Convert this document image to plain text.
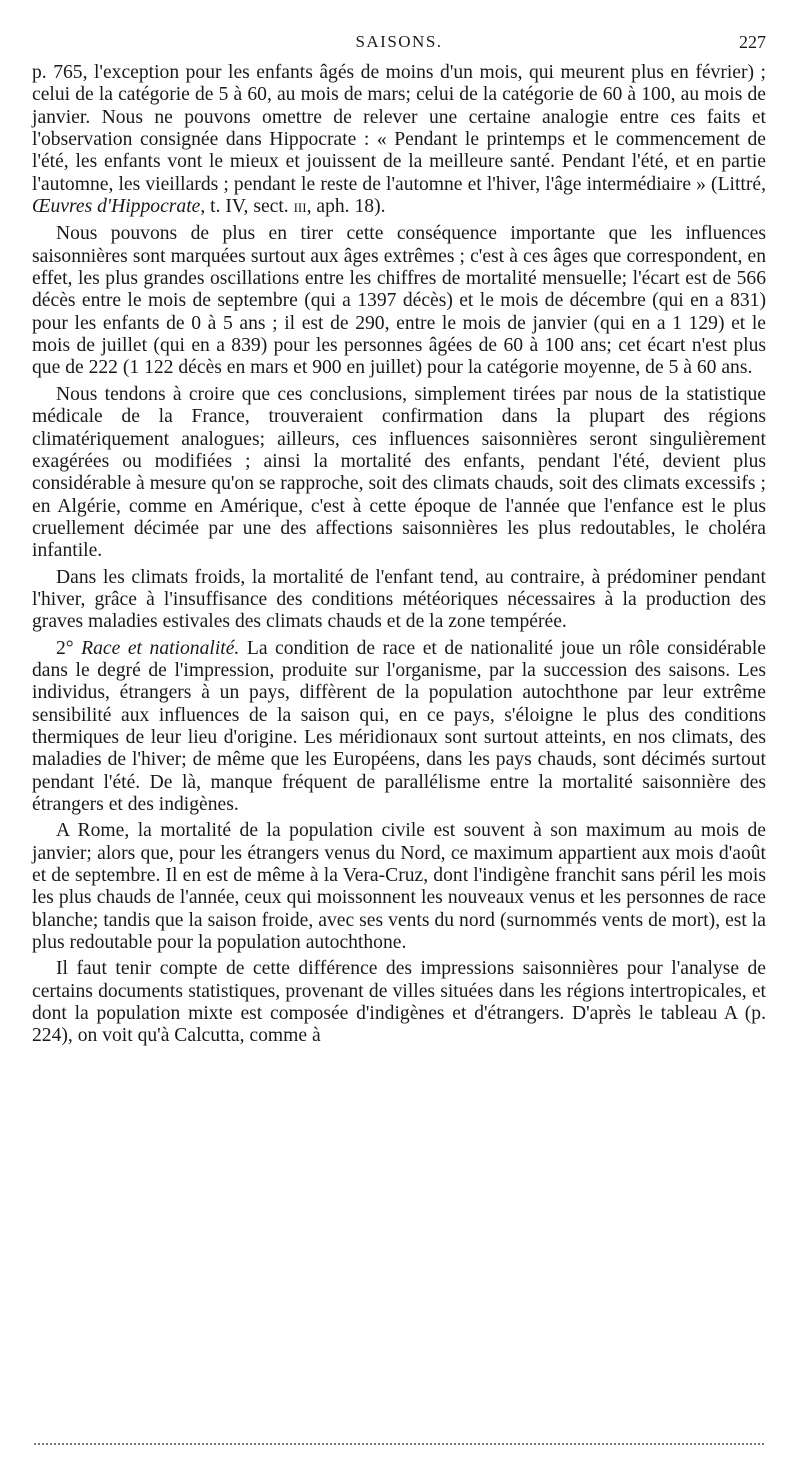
SAISONS.	227

p. 765, l'exception pour les enfants âgés de moins d'un mois, qui meurent plus en février) ; celui de la catégorie de 5 à 60, au mois de mars; celui de la catégorie de 60 à 100, au mois de janvier. Nous ne pouvons omettre de relever une certaine analogie entre ces faits et l'observation consignée dans Hippocrate : « Pendant le printemps et le commencement de l'été, les enfants vont le mieux et jouissent de la meilleure santé. Pendant l'été, et en partie l'automne, les vieillards ; pendant le reste de l'automne et l'hiver, l'âge intermédiaire » (Littré, Œuvres d'Hippocrate, t. IV, sect. III, aph. 18).

Nous pouvons de plus en tirer cette conséquence importante que les influences saisonnières sont marquées surtout aux âges extrêmes ; c'est à ces âges que correspondent, en effet, les plus grandes oscillations entre les chiffres de mortalité mensuelle; l'écart est de 566 décès entre le mois de septembre (qui a 1397 décès) et le mois de décembre (qui en a 831) pour les enfants de 0 à 5 ans ; il est de 290, entre le mois de janvier (qui en a 1 129) et le mois de juillet (qui en a 839) pour les personnes âgées de 60 à 100 ans; cet écart n'est plus que de 222 (1 122 décès en mars et 900 en juillet) pour la catégorie moyenne, de 5 à 60 ans.

Nous tendons à croire que ces conclusions, simplement tirées par nous de la statistique médicale de la France, trouveraient confirmation dans la plupart des régions climatériquement analogues; ailleurs, ces influences saisonnières seront singulièrement exagérées ou modifiées ; ainsi la mortalité des enfants, pendant l'été, devient plus considérable à mesure qu'on se rapproche, soit des climats chauds, soit des climats excessifs ; en Algérie, comme en Amérique, c'est à cette époque de l'année que l'enfance est le plus cruellement décimée par une des affections saisonnières les plus redoutables, le choléra infantile.

Dans les climats froids, la mortalité de l'enfant tend, au contraire, à prédominer pendant l'hiver, grâce à l'insuffisance des conditions météoriques nécessaires à la production des graves maladies estivales des climats chauds et de la zone tempérée.

2° Race et nationalité. La condition de race et de nationalité joue un rôle considérable dans le degré de l'impression, produite sur l'organisme, par la succession des saisons. Les individus, étrangers à un pays, diffèrent de la population autochthone par leur extrême sensibilité aux influences de la saison qui, en ce pays, s'éloigne le plus des conditions thermiques de leur lieu d'origine. Les méridionaux sont surtout atteints, en nos climats, des maladies de l'hiver; de même que les Européens, dans les pays chauds, sont décimés surtout pendant l'été. De là, manque fréquent de parallélisme entre la mortalité saisonnière des étrangers et des indigènes.

A Rome, la mortalité de la population civile est souvent à son maximum au mois de janvier; alors que, pour les étrangers venus du Nord, ce maximum appartient aux mois d'août et de septembre. Il en est de même à la Vera-Cruz, dont l'indigène franchit sans péril les mois les plus chauds de l'année, ceux qui moissonnent les nouveaux venus et les personnes de race blanche; tandis que la saison froide, avec ses vents du nord (surnommés vents de mort), est la plus redoutable pour la population autochthone.

Il faut tenir compte de cette différence des impressions saisonnières pour l'analyse de certains documents statistiques, provenant de villes situées dans les régions intertropicales, et dont la population mixte est composée d'indigènes et d'étrangers. D'après le tableau A (p. 224), on voit qu'à Calcutta, comme à
